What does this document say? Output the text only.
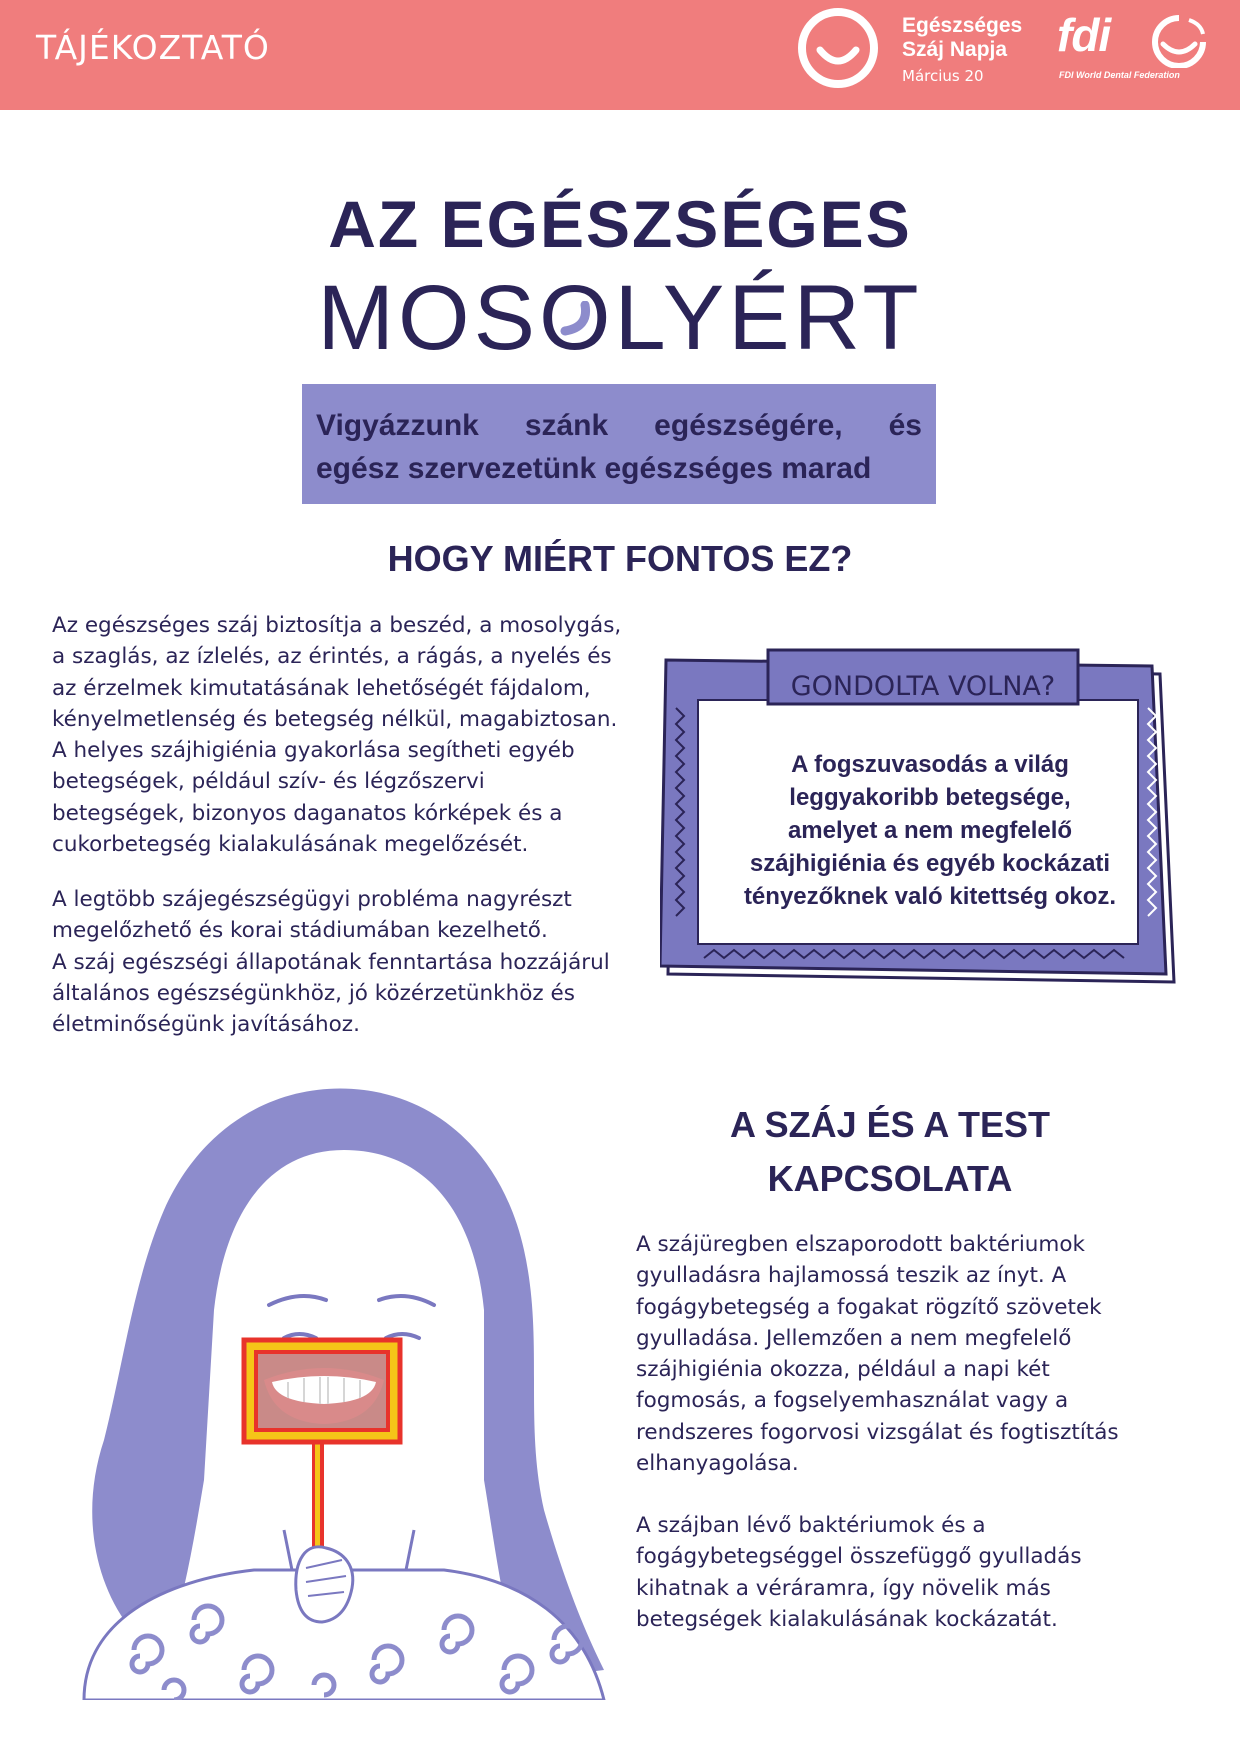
TÁJÉKOZTATÓ
Egészséges
Száj Napja
Március 20
fdi
FDI World Dental Federation
AZ EGÉSZSÉGES
MOSO
LYÉRT

Vigyázzunk szánk egészségére, és
egész szervezetünk egészséges marad

HOGY MIÉRT FONTOS EZ?

Az egészséges száj biztosítja a beszéd, a mosolygás,
a szaglás, az ízlelés, az érintés, a rágás, a nyelés és
az érzelmek kimutatásának lehetőségét fájdalom,
kényelmetlenség és betegség nélkül, magabiztosan.
A helyes szájhigiénia gyakorlása segítheti egyéb
betegségek, például szív- és légzőszervi
betegségek, bizonyos daganatos kórképek és a
cukorbetegség kialakulásának megelőzését.

A legtöbb szájegészségügyi probléma nagyrészt
megelőzhető és korai stádiumában kezelhető.
A száj egészségi állapotának fenntartása hozzájárul
általános egészségünkhöz, jó közérzetünkhöz és
életminőségünk javításához.

GONDOLTA VOLNA?
A fogszuvasodás a világ
leggyakoribb betegsége,
amelyet a nem megfelelő
szájhigiénia és egyéb kockázati
tényezőknek való kitettség okoz.
A SZÁJ ÉS A TEST
KAPCSOLATA

A szájüregben elszaporodott baktériumok
gyulladásra hajlamossá teszik az ínyt. A
fogágybetegség a fogakat rögzítő szövetek
gyulladása. Jellemzően a nem megfelelő
szájhigiénia okozza, például a napi két
fogmosás, a fogselyemhasználat vagy a
rendszeres fogorvosi vizsgálat és fogtisztítás
elhanyagolása.

A szájban lévő baktériumok és a
fogágybetegséggel összefüggő gyulladás
kihatnak a véráramra, így növelik más
betegségek kialakulásának kockázatát.
